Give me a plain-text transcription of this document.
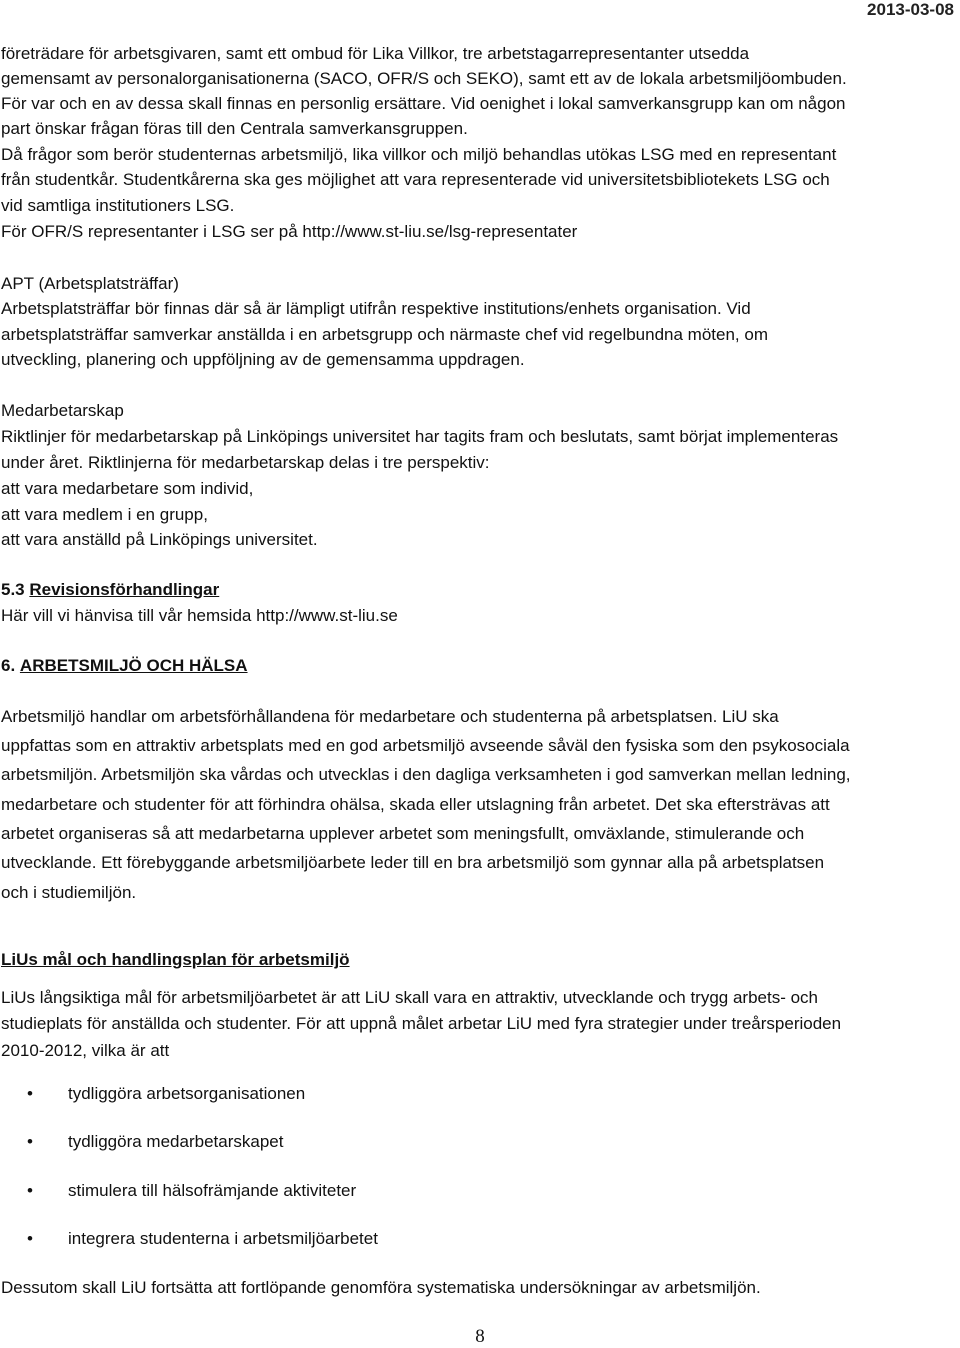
2013-03-08
företrädare för arbetsgivaren, samt ett ombud för Lika Villkor, tre arbetstagarrepresentanter utsedda
gemensamt av personalorganisationerna (SACO, OFR/S och SEKO), samt ett av de lokala arbetsmiljöombuden.
För var och en av dessa skall finnas en personlig ersättare. Vid oenighet i lokal samverkansgrupp kan om någon
part önskar frågan föras till den Centrala samverkansgruppen.
Då frågor som berör studenternas arbetsmiljö, lika villkor och miljö behandlas utökas LSG med en representant
från studentkår. Studentkårerna ska ges möjlighet att vara representerade vid universitetsbibliotekets LSG och
vid samtliga institutioners LSG.
För OFR/S representanter i LSG ser på http://www.st-liu.se/lsg-representater
APT (Arbetsplatsträffar)
Arbetsplatsträffar bör finnas där så är lämpligt utifrån respektive institutions/enhets organisation. Vid
arbetsplatsträffar samverkar anställda i en arbetsgrupp och närmaste chef vid regelbundna möten, om
utveckling, planering och uppföljning av de gemensamma uppdragen.
Medarbetarskap
Riktlinjer för medarbetarskap på Linköpings universitet har tagits fram och beslutats, samt börjat implementeras
under året. Riktlinjerna för medarbetarskap delas i tre perspektiv:
att vara medarbetare som individ,
att vara medlem i en grupp,
att vara anställd på Linköpings universitet.
5.3 Revisionsförhandlingar
Här vill vi hänvisa till vår hemsida http://www.st-liu.se
6. ARBETSMILJÖ OCH HÄLSA
Arbetsmiljö handlar om arbetsförhållandena för medarbetare och studenterna på arbetsplatsen. LiU ska
uppfattas som en attraktiv arbetsplats med en god arbetsmiljö avseende såväl den fysiska som den psykosociala
arbetsmiljön. Arbetsmiljön ska vårdas och utvecklas i den dagliga verksamheten i god samverkan mellan ledning,
medarbetare och studenter för att förhindra ohälsa, skada eller utslagning från arbetet. Det ska eftersträvas att
arbetet organiseras så att medarbetarna upplever arbetet som meningsfullt, omväxlande, stimulerande och
utvecklande. Ett förebyggande arbetsmiljöarbete leder till en bra arbetsmiljö som gynnar alla på arbetsplatsen
och i studiemiljön.
LiUs mål och handlingsplan för arbetsmiljö
LiUs långsiktiga mål för arbetsmiljöarbetet är att LiU skall vara en attraktiv, utvecklande och trygg arbets- och
studieplats för anställda och studenter. För att uppnå målet arbetar LiU med fyra strategier under treårsperioden
2010-2012, vilka är att
• tydliggöra arbetsorganisationen
• tydliggöra medarbetarskapet
• stimulera till hälsofrämjande aktiviteter
• integrera studenterna i arbetsmiljöarbetet
Dessutom skall LiU fortsätta att fortlöpande genomföra systematiska undersökningar av arbetsmiljön.
8
